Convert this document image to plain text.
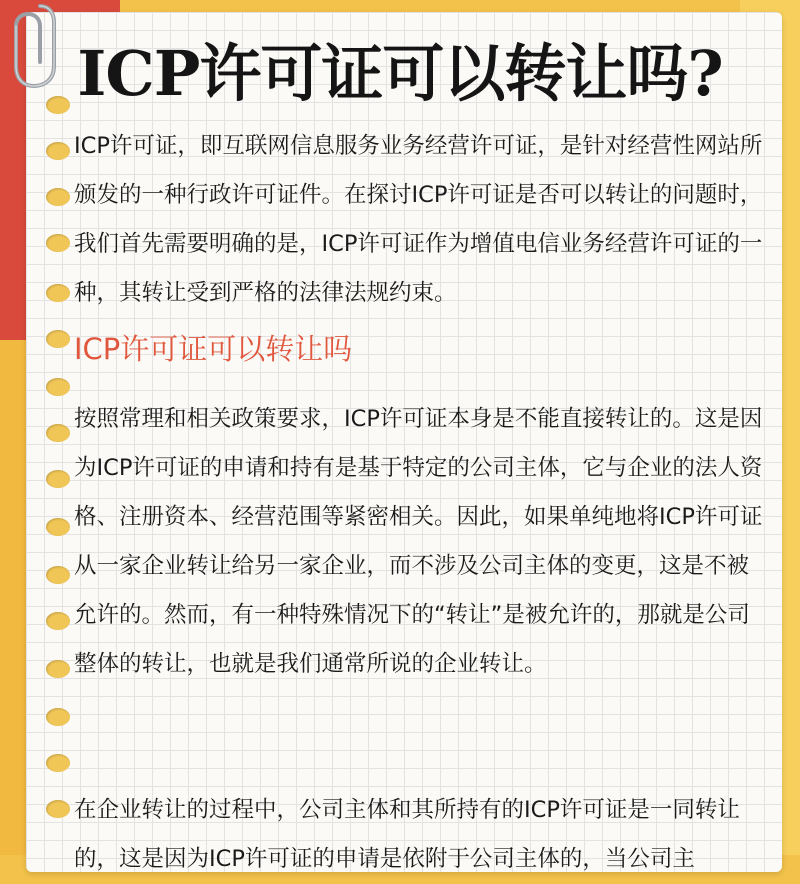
ICP许可证可以转让吗?

ICP许可证，即互联网信息服务业务经营许可证，是针对经营性网站所颁发的一种行政许可证件。在探讨ICP许可证是否可以转让的问题时，我们首先需要明确的是，ICP许可证作为增值电信业务经营许可证的一种，其转让受到严格的法律法规约束。

ICP许可证可以转让吗

按照常理和相关政策要求，ICP许可证本身是不能直接转让的。这是因为ICP许可证的申请和持有是基于特定的公司主体，它与企业的法人资格、注册资本、经营范围等紧密相关。因此，如果单纯地将ICP许可证从一家企业转让给另一家企业，而不涉及公司主体的变更，这是不被允许的。然而，有一种特殊情况下的“转让”是被允许的，那就是公司整体的转让，也就是我们通常所说的企业转让。

在企业转让的过程中，公司主体和其所持有的ICP许可证是一同转让的，这是因为ICP许可证的申请是依附于公司主体的，当公司主
